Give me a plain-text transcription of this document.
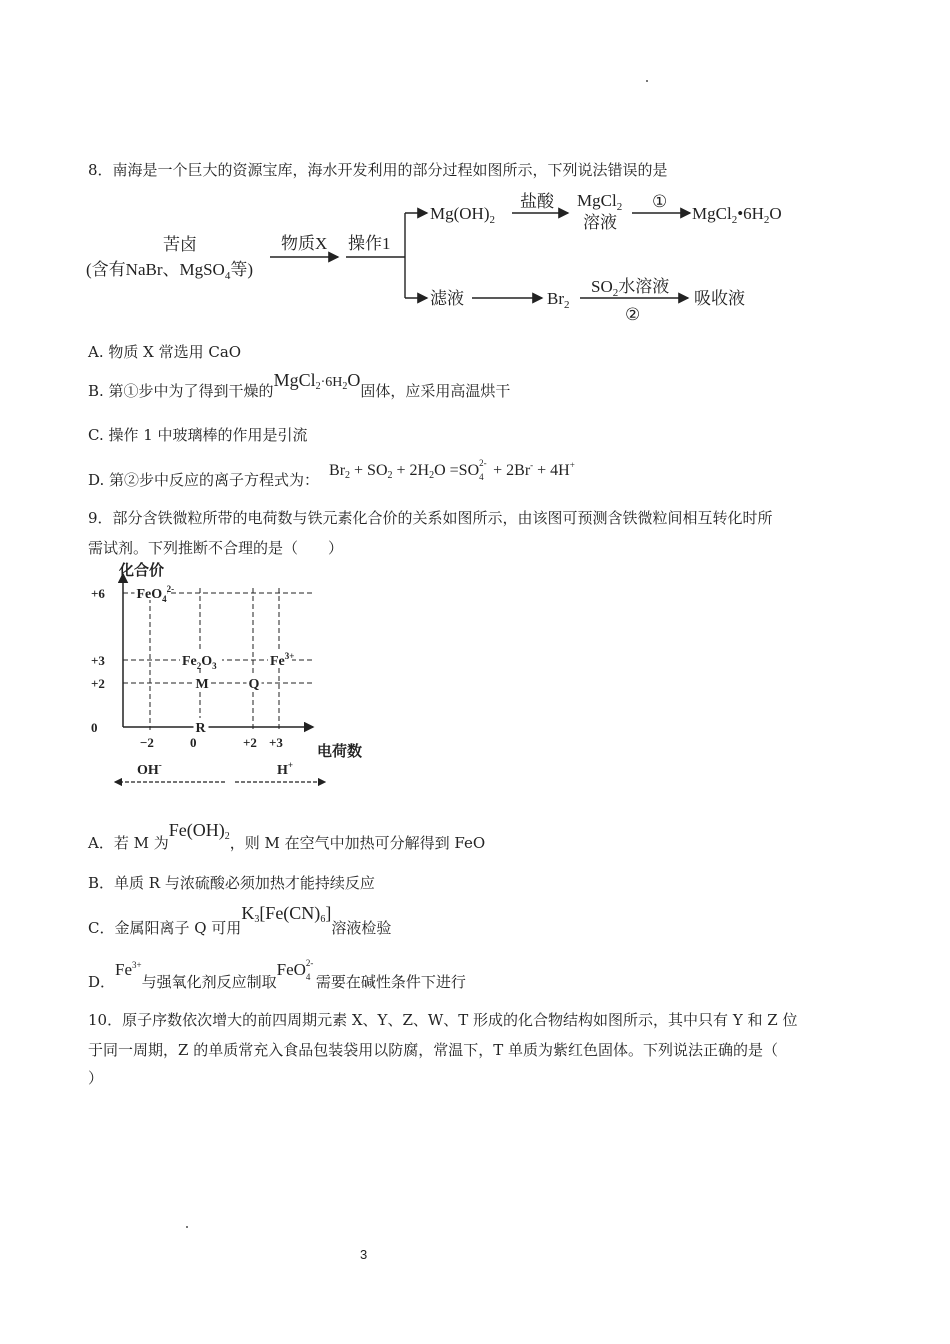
8．南海是一个巨大的资源宝库，海水开发利用的部分过程如图所示，下列说法错误的是
苦卤
(含有NaBr、MgSO$_4$等)
物质X 操作1
$Mg(OH)_2$
盐酸 MgCl$_2$
溶液
①
$MgCl_2•6H_2O$
滤液	$Br_2$
$SO_2$水溶液
②
吸收液
A. 物质 X 常选用 CaO
B. 第①步中为了得到干燥的$MgCl_2\cdot 6H_2O$固体，应采用高温烘干
C. 操作 1 中玻璃棒的作用是引流
D. 第②步中反应的离子方程式为：$Br_2 + SO_2 + 2H_2O =SO$ 2-
4 + 2Br- + 4H+
9．部分含铁微粒所带的电荷数与铁元素化合价的关系如图所示，由该图可预测含铁微粒间相互转化时所
需试剂。下列推断不合理的是（　　）
化合价
电荷数
+6
+3
+2
0
−2	0	+2 +3
FeO$_4^{2-}$
$Fe_2O_3$	$Fe^{3+}$
M	Q
R
OH-	H+
A．若 M 为$Fe(OH)_2$，则 M 在空气中加热可分解得到 FeO
B．单质 R 与浓硫酸必须加热才能持续反应
C．金属阳离子 Q 可用$K_3[Fe(CN)_6]$溶液检验
D．$Fe^{3+}$与强氧化剂反应制取FeO 2-
4 需要在碱性条件下进行
10．原子序数依次增大的前四周期元素 X、Y、Z、W、T 形成的化合物结构如图所示，其中只有 Y 和 Z 位
于同一周期，Z 的单质常充入食品包装袋用以防腐，常温下，T 单质为紫红色固体。下列说法正确的是（
）
3
